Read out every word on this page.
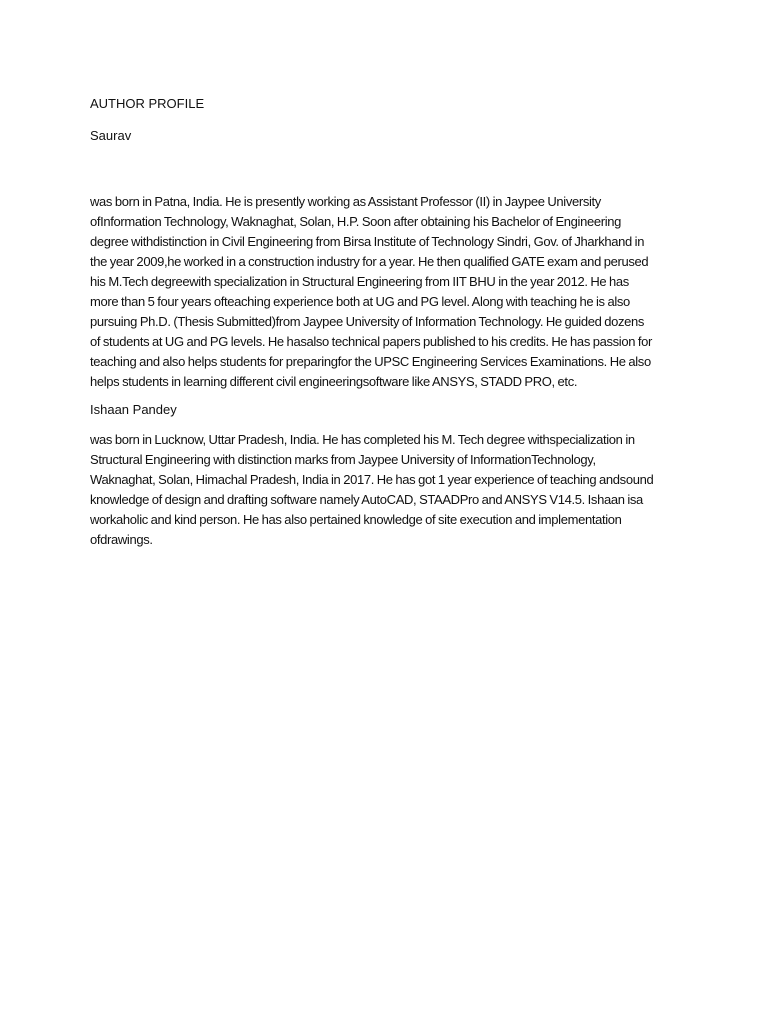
AUTHOR PROFILE

Saurav

was born in Patna, India. He is presently working as Assistant Professor (II) in Jaypee University
ofInformation Technology, Waknaghat, Solan, H.P. Soon after obtaining his Bachelor of Engineering
degree withdistinction in Civil Engineering from Birsa Institute of Technology Sindri, Gov. of Jharkhand in
the year 2009,he worked in a construction industry for a year. He then qualified GATE exam and perused
his M.Tech degreewith specialization in Structural Engineering from IIT BHU in the year 2012. He has
more than 5 four years ofteaching experience both at UG and PG level. Along with teaching he is also
pursuing Ph.D. (Thesis Submitted)from Jaypee University of Information Technology. He guided dozens
of students at UG and PG levels. He hasalso technical papers published to his credits. He has passion for
teaching and also helps students for preparingfor the UPSC Engineering Services Examinations. He also
helps students in learning different civil engineeringsoftware like ANSYS, STADD PRO, etc.

Ishaan Pandey

was born in Lucknow, Uttar Pradesh, India. He has completed his M. Tech degree withspecialization in
Structural Engineering with distinction marks from Jaypee University of InformationTechnology,
Waknaghat, Solan, Himachal Pradesh, India in 2017. He has got 1 year experience of teaching andsound
knowledge of design and drafting software namely AutoCAD, STAADPro and ANSYS V14.5. Ishaan isa
workaholic and kind person. He has also pertained knowledge of site execution and implementation
ofdrawings.
